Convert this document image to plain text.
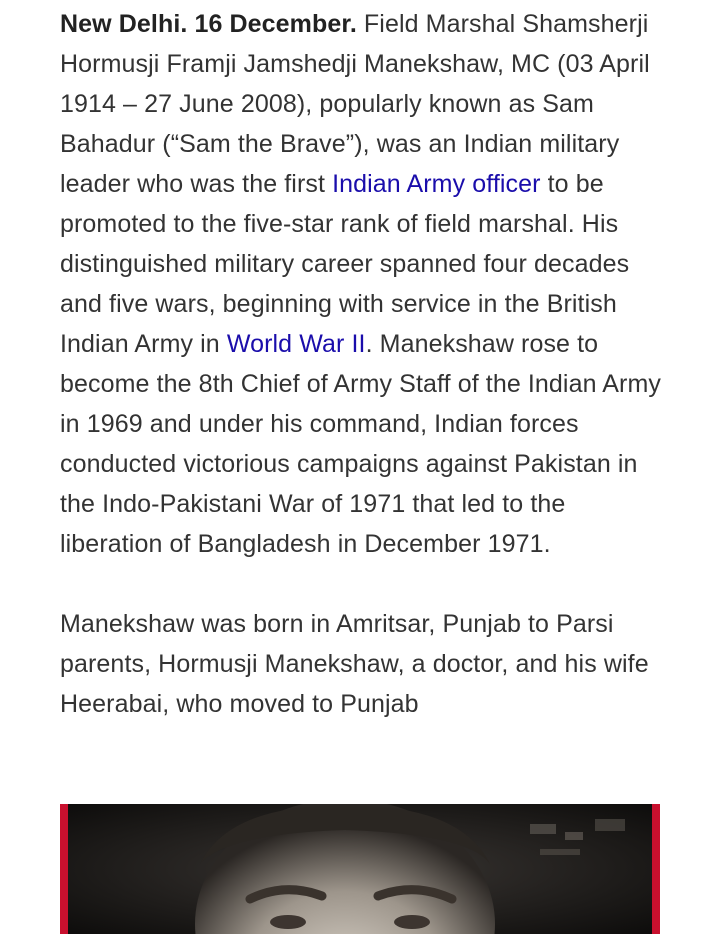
New Delhi. 16 December. Field Marshal Shamsherji Hormusji Framji Jamshedji Manekshaw, MC (03 April 1914 – 27 June 2008), popularly known as Sam Bahadur (“Sam the Brave”), was an Indian military leader who was the first Indian Army officer to be promoted to the five-star rank of field marshal. His distinguished military career spanned four decades and five wars, beginning with service in the British Indian Army in World War II. Manekshaw rose to become the 8th Chief of Army Staff of the Indian Army in 1969 and under his command, Indian forces conducted victorious campaigns against Pakistan in the Indo-Pakistani War of 1971 that led to the liberation of Bangladesh in December 1971.

Manekshaw was born in Amritsar, Punjab to Parsi parents, Hormusji Manekshaw, a doctor, and his wife Heerabai, who moved to Punjab
